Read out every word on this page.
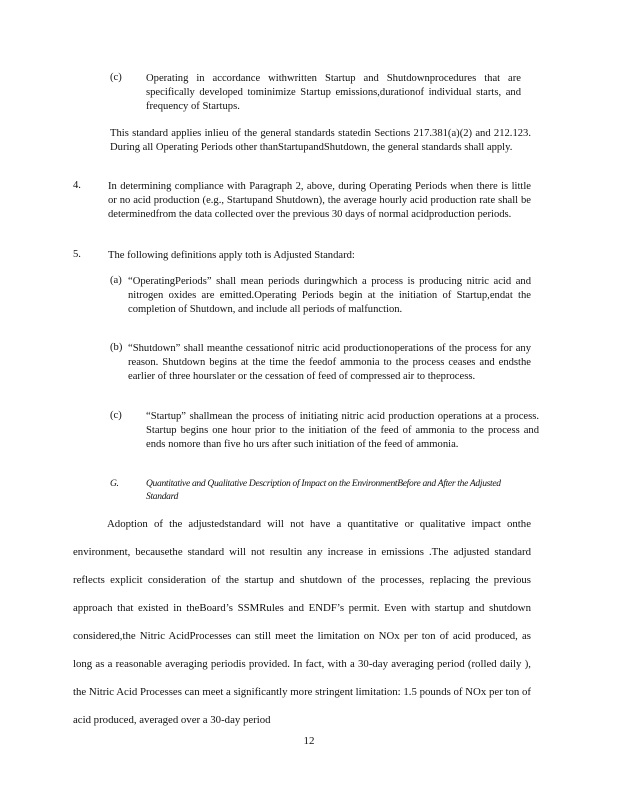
(c) Operating in accordance withwritten Startup and Shutdownprocedures that are specifically developed tominimize Startup emissions,durationof individual starts, and frequency of Startups.
This standard applies inlieu of the general standards statedin Sections 217.381(a)(2) and 212.123. During all Operating Periods other thanStartupandShutdown, the general standards shall apply.
4.	In determining compliance with Paragraph 2, above, during Operating Periods when there is little or no acid production (e.g., Startupand Shutdown), the average hourly acid production rate shall be determinedfrom the data collected over the previous 30 days of normal acidproduction periods.
5.	The following definitions apply toth is Adjusted Standard:
(a) “OperatingPeriods” shall mean periods duringwhich a process is producing nitric acid and nitrogen oxides are emitted.Operating Periods begin at the initiation of Startup,endat the completion of Shutdown, and include all periods of malfunction.
(b) “Shutdown” shall meanthe cessationof nitric acid productionoperations of the process for any reason. Shutdown begins at the time the feedof ammonia to the process ceases and endsthe earlier of three hourslater or the cessation of feed of compressed air to theprocess.
(c) “Startup” shallmean the process of initiating nitric acid production operations at a process. Startup begins one hour prior to the initiation of the feed of ammonia to the process and ends nomore than five ho urs after such initiation of the feed of ammonia.
G.	Quantitative and Qualitative Description of Impact on the EnvironmentBefore and After the Adjusted Standard
Adoption of the adjustedstandard will not have a quantitative or qualitative impact onthe environment, becausethe standard will not resultin any increase in emissions .The adjusted standard reflects explicit consideration of the startup and shutdown of the processes, replacing the previous approach that existed in theBoard’s SSMRules and ENDF’s permit. Even with startup and shutdown considered,the Nitric AcidProcesses can still meet the limitation on NOx per ton of acid produced, as long as a reasonable averaging periodis provided. In fact, with a 30-day averaging period (rolled daily ), the Nitric Acid Processes can meet a significantly more stringent limitation: 1.5 pounds of NOx per ton of acid produced, averaged over a 30-day period
12
